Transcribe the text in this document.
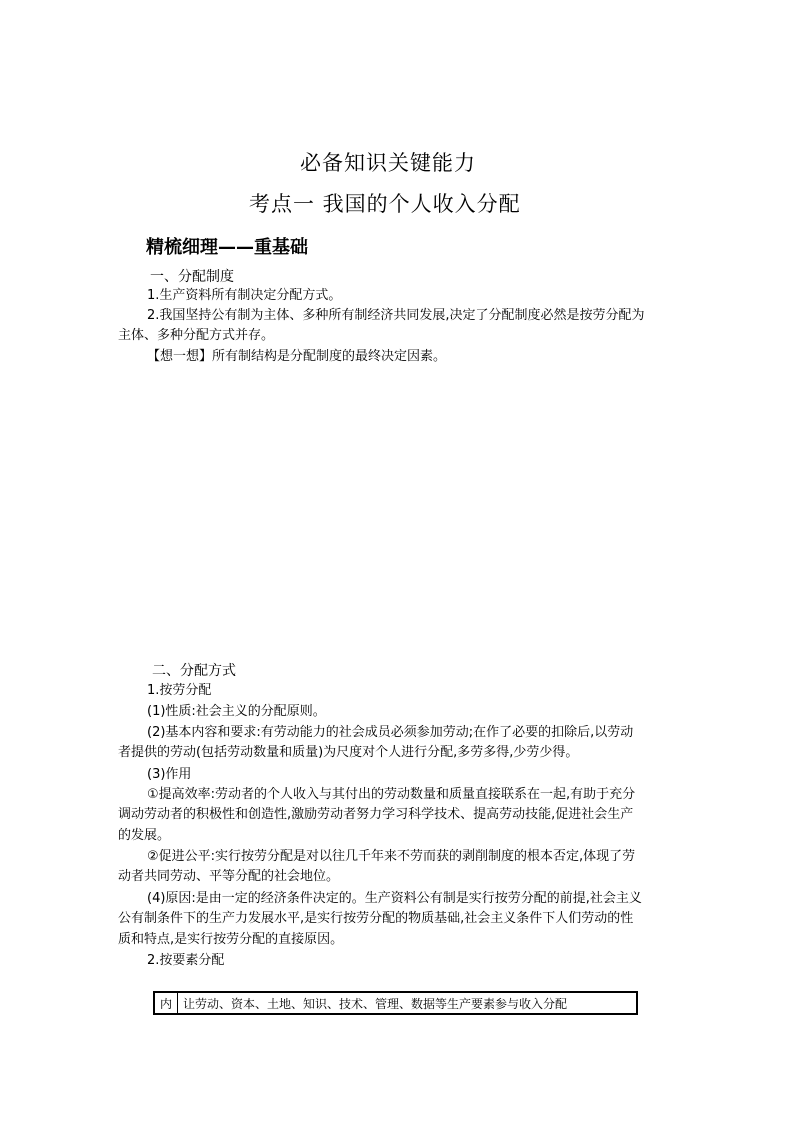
必备知识关键能力
考点一 我国的个人收入分配
精梳细理——重基础
一、分配制度
1.生产资料所有制决定分配方式。
2.我国坚持公有制为主体、多种所有制经济共同发展,决定了分配制度必然是按劳分配为
主体、多种分配方式并存。
【想一想】所有制结构是分配制度的最终决定因素。
二、分配方式
1.按劳分配
(1)性质:社会主义的分配原则。
(2)基本内容和要求:有劳动能力的社会成员必须参加劳动;在作了必要的扣除后,以劳动
者提供的劳动(包括劳动数量和质量)为尺度对个人进行分配,多劳多得,少劳少得。
(3)作用
①提高效率:劳动者的个人收入与其付出的劳动数量和质量直接联系在一起,有助于充分
调动劳动者的积极性和创造性,激励劳动者努力学习科学技术、提高劳动技能,促进社会生产
的发展。
②促进公平:实行按劳分配是对以往几千年来不劳而获的剥削制度的根本否定,体现了劳
动者共同劳动、平等分配的社会地位。
(4)原因:是由一定的经济条件决定的。生产资料公有制是实行按劳分配的前提,社会主义
公有制条件下的生产力发展水平,是实行按劳分配的物质基础,社会主义条件下人们劳动的性
质和特点,是实行按劳分配的直接原因。
2.按要素分配
内 让劳动、资本、土地、知识、技术、管理、数据等生产要素参与收入分配
